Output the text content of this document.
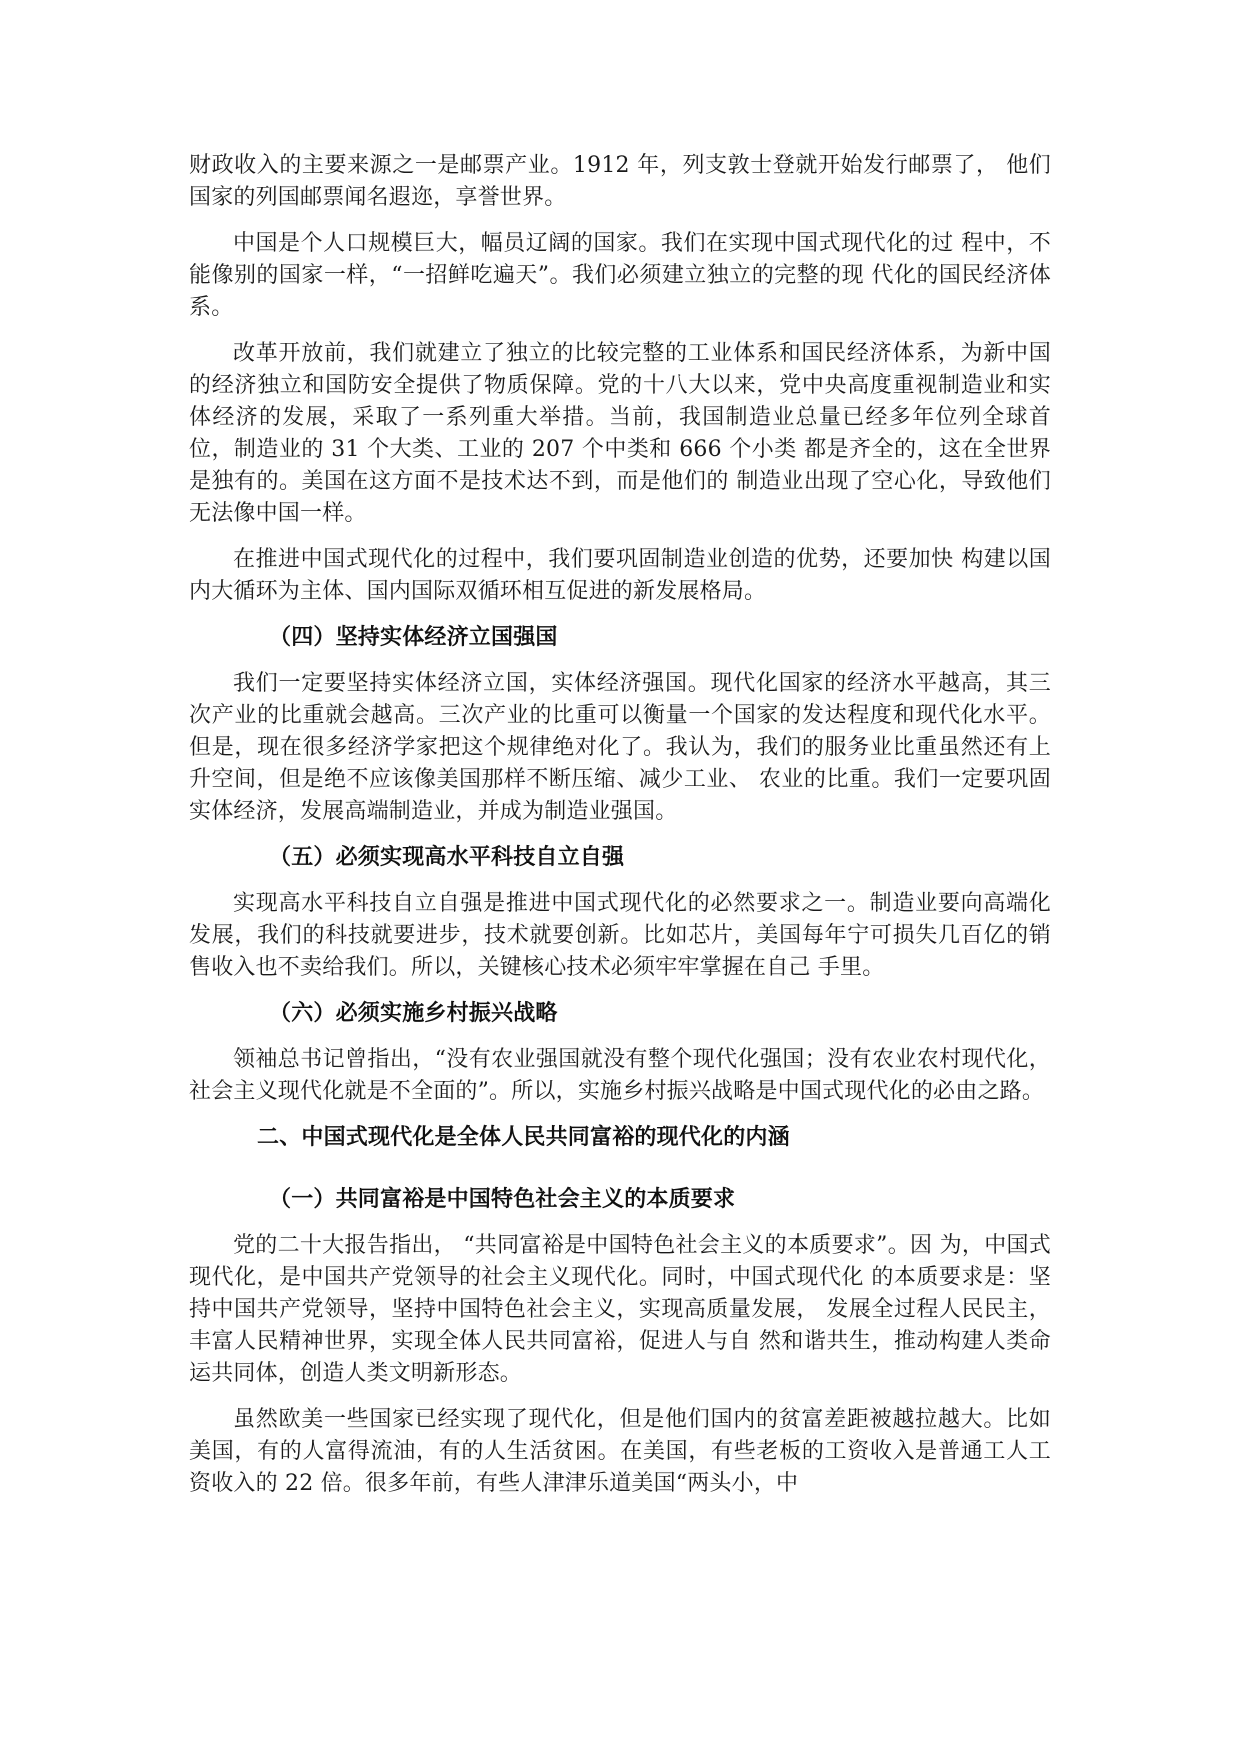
财政收入的主要来源之一是邮票产业。1912 年，列支敦士登就开始发行邮票了， 他们国家的列国邮票闻名遐迩，享誉世界。

中国是个人口规模巨大，幅员辽阔的国家。我们在实现中国式现代化的过 程中，不能像别的国家一样，“一招鲜吃遍天”。我们必须建立独立的完整的现 代化的国民经济体系。

改革开放前，我们就建立了独立的比较完整的工业体系和国民经济体系，为新中国的经济独立和国防安全提供了物质保障。党的十八大以来，党中央高度重视制造业和实体经济的发展，采取了一系列重大举措。当前，我国制造业总量已经多年位列全球首位，制造业的 31 个大类、工业的 207 个中类和 666 个小类 都是齐全的，这在全世界是独有的。美国在这方面不是技术达不到，而是他们的 制造业出现了空心化，导致他们无法像中国一样。

在推进中国式现代化的过程中，我们要巩固制造业创造的优势，还要加快 构建以国内大循环为主体、国内国际双循环相互促进的新发展格局。

（四）坚持实体经济立国强国

我们一定要坚持实体经济立国，实体经济强国。现代化国家的经济水平越高，其三次产业的比重就会越高。三次产业的比重可以衡量一个国家的发达程度和现代化水平。但是，现在很多经济学家把这个规律绝对化了。我认为，我们的服务业比重虽然还有上升空间，但是绝不应该像美国那样不断压缩、减少工业、 农业的比重。我们一定要巩固实体经济，发展高端制造业，并成为制造业强国。

（五）必须实现高水平科技自立自强

实现高水平科技自立自强是推进中国式现代化的必然要求之一。制造业要向高端化发展，我们的科技就要进步，技术就要创新。比如芯片，美国每年宁可损失几百亿的销售收入也不卖给我们。所以，关键核心技术必须牢牢掌握在自己 手里。

（六）必须实施乡村振兴战略

领袖总书记曾指出，“没有农业强国就没有整个现代化强国；没有农业农村现代化，社会主义现代化就是不全面的”。所以，实施乡村振兴战略是中国式现代化的必由之路。

二、中国式现代化是全体人民共同富裕的现代化的内涵
（一）共同富裕是中国特色社会主义的本质要求

党的二十大报告指出， “共同富裕是中国特色社会主义的本质要求”。因 为，中国式现代化，是中国共产党领导的社会主义现代化。同时，中国式现代化 的本质要求是：坚持中国共产党领导，坚持中国特色社会主义，实现高质量发展， 发展全过程人民民主，丰富人民精神世界，实现全体人民共同富裕，促进人与自 然和谐共生，推动构建人类命运共同体，创造人类文明新形态。

虽然欧美一些国家已经实现了现代化，但是他们国内的贫富差距被越拉越大。比如美国，有的人富得流油，有的人生活贫困。在美国，有些老板的工资收入是普通工人工资收入的 22 倍。很多年前，有些人津津乐道美国“两头小，中
